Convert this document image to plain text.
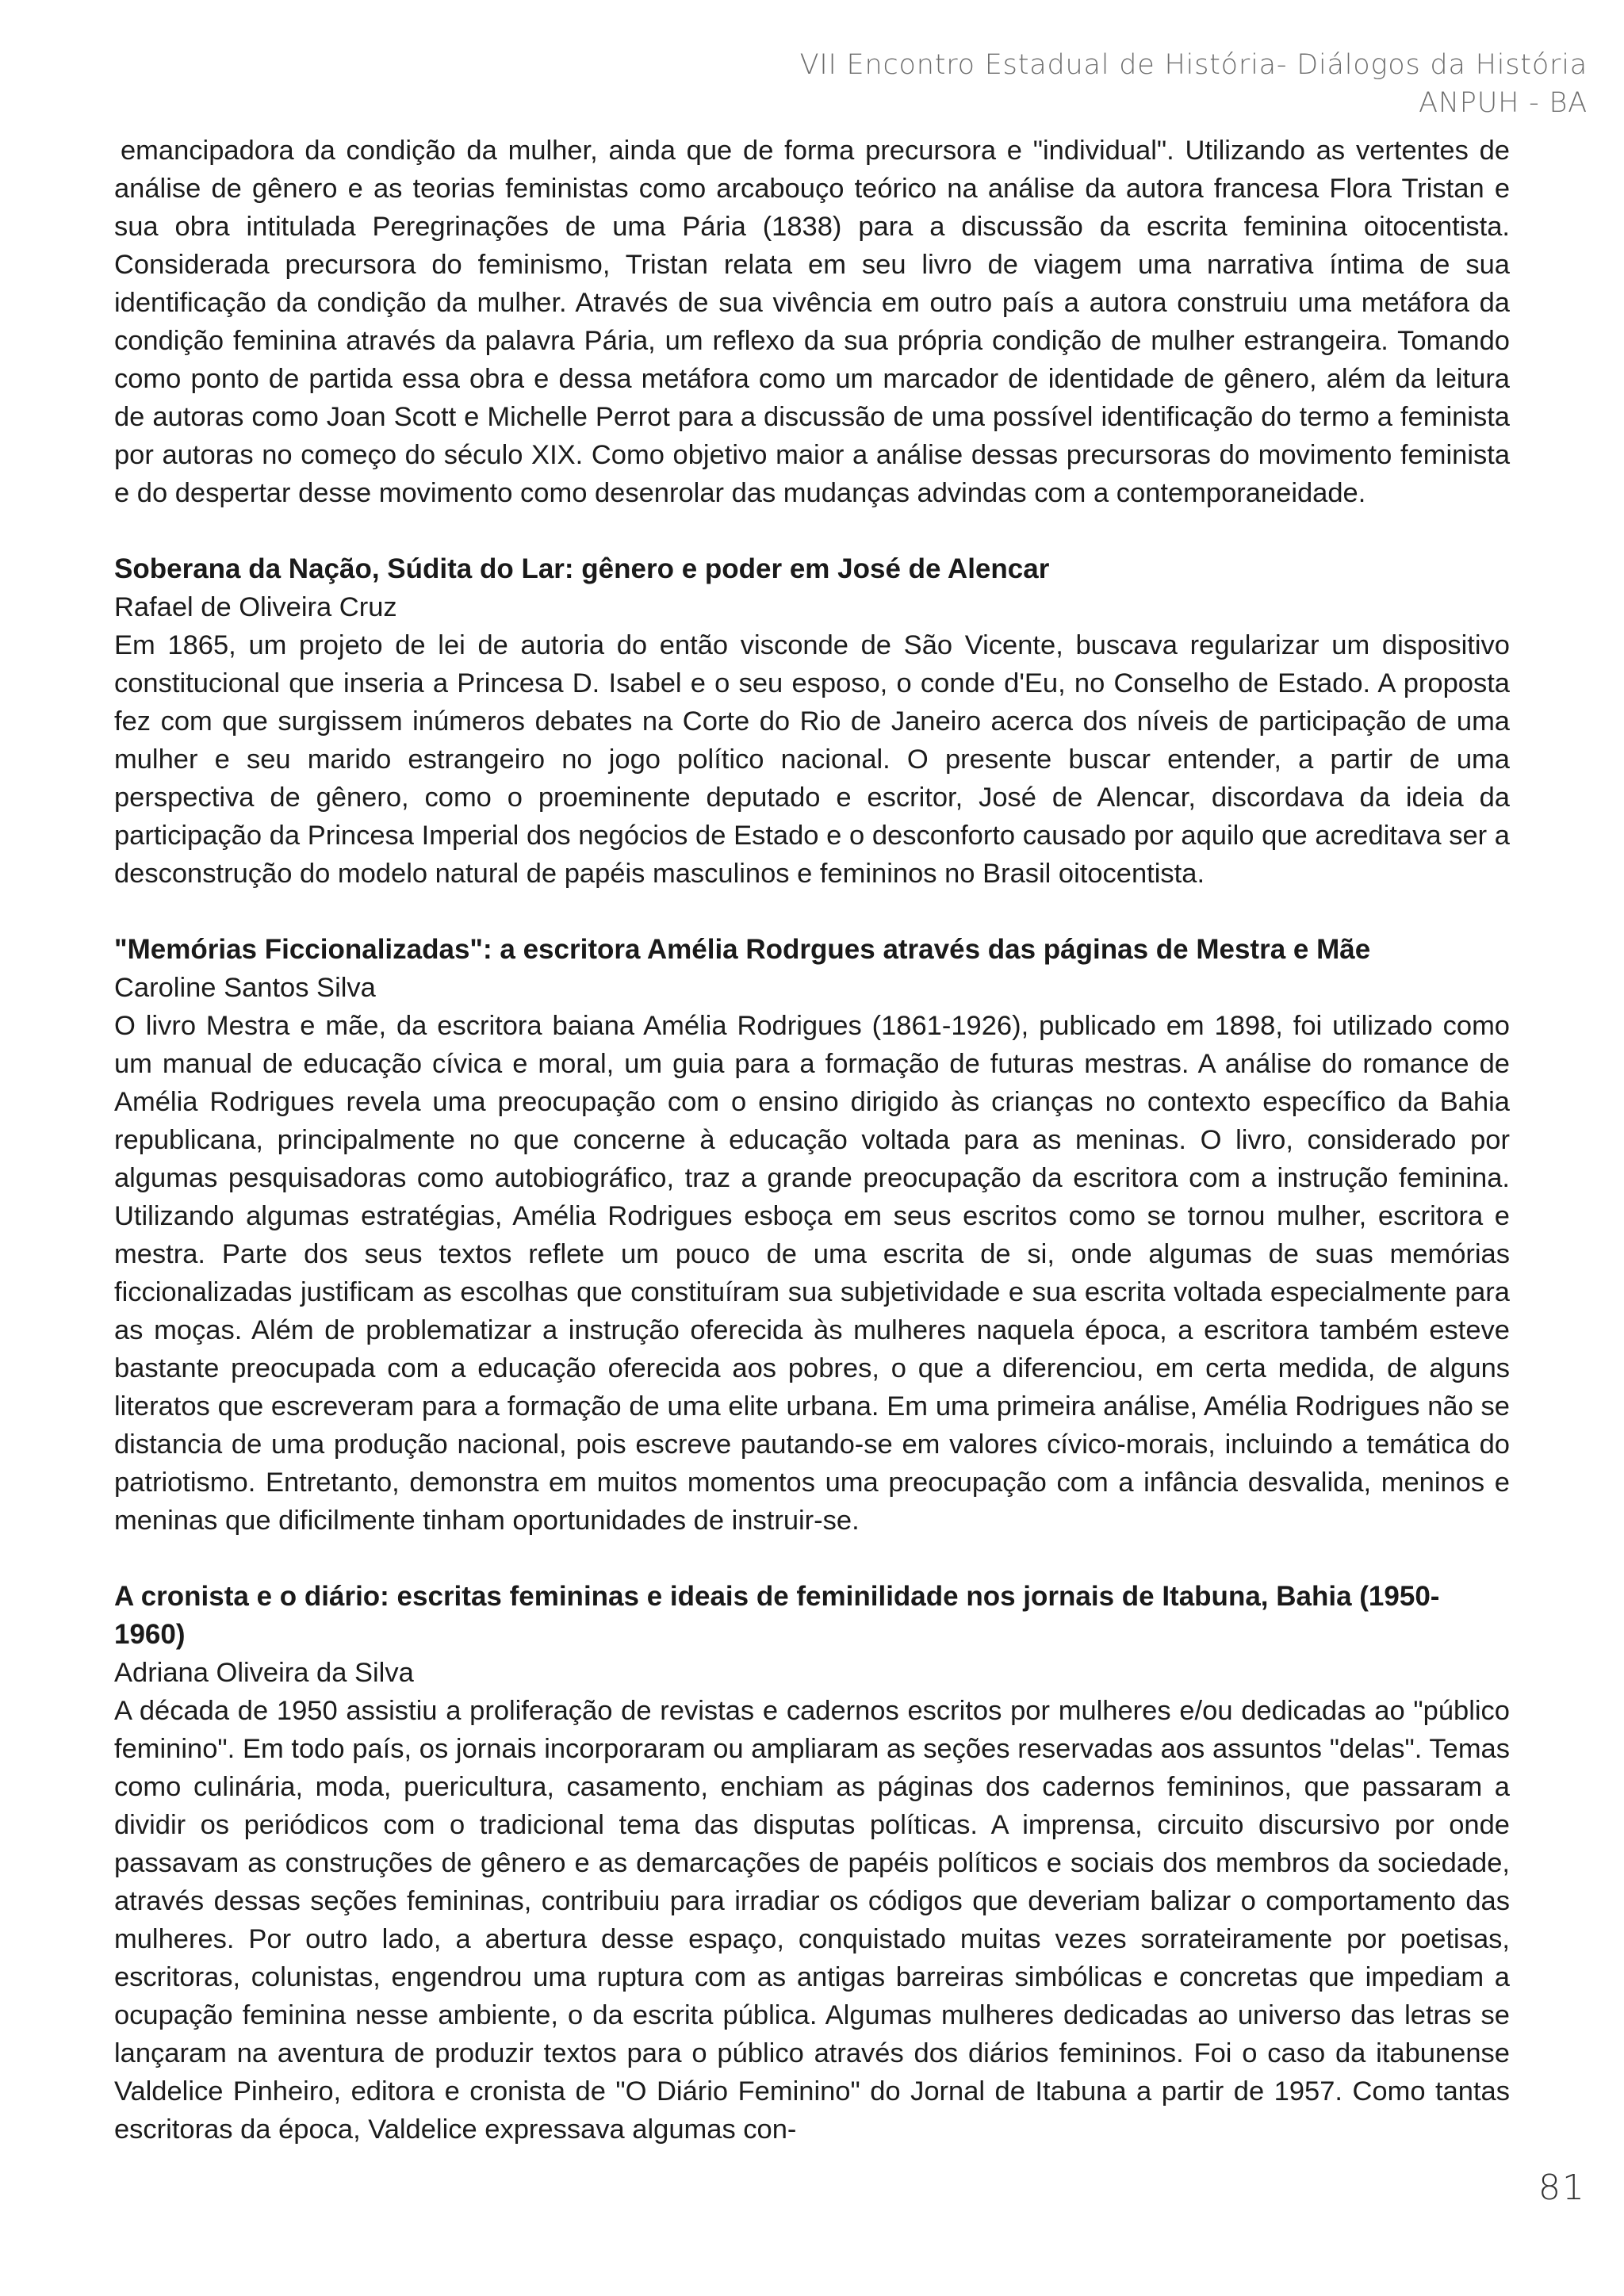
VII Encontro Estadual de História- Diálogos da História
ANPUH - BA

emancipadora da condição da mulher, ainda que de forma precursora e "individual". Utilizando as vertentes de análise de gênero e as teorias feministas como arcabouço teórico na análise da autora francesa Flora Tristan e sua obra intitulada Peregrinações de uma Pária (1838) para a discussão da escrita feminina oitocentista. Considerada precursora do feminismo, Tristan relata em seu livro de viagem uma narrativa íntima de sua identificação da condição da mulher. Através de sua vivência em outro país a autora construiu uma metáfora da condição feminina através da palavra Pária, um reflexo da sua própria condição de mulher estrangeira. Tomando como ponto de partida essa obra e dessa metáfora como um marcador de identidade de gênero, além da leitura de autoras como Joan Scott e Michelle Perrot para a discussão de uma possível identificação do termo a feminista por autoras no começo do século XIX. Como objetivo maior a análise dessas precursoras do movimento feminista e do despertar desse movimento como desenrolar das mudanças advindas com a contemporaneidade.

Soberana da Nação, Súdita do Lar: gênero e poder em José de Alencar

Rafael de Oliveira Cruz

Em 1865, um projeto de lei de autoria do então visconde de São Vicente, buscava regularizar um dispositivo constitucional que inseria a Princesa D. Isabel e o seu esposo, o conde d'Eu, no Conselho de Estado. A proposta fez com que surgissem inúmeros debates na Corte do Rio de Janeiro acerca dos níveis de participação de uma mulher e seu marido estrangeiro no jogo político nacional. O presente buscar entender, a partir de uma perspectiva de gênero, como o proeminente deputado e escritor, José de Alencar, discordava da ideia da participação da Princesa Imperial dos negócios de Estado e o desconforto causado por aquilo que acreditava ser a desconstrução do modelo natural de papéis masculinos e femininos no Brasil oitocentista.

"Memórias Ficcionalizadas": a escritora Amélia Rodrgues através das páginas de Mestra e Mãe

Caroline Santos Silva

O livro Mestra e mãe, da escritora baiana Amélia Rodrigues (1861-1926), publicado em 1898, foi utilizado como um manual de educação cívica e moral, um guia para a formação de futuras mestras. A análise do romance de Amélia Rodrigues revela uma preocupação com o ensino dirigido às crianças no contexto específico da Bahia republicana, principalmente no que concerne à educação voltada para as meninas. O livro, considerado por algumas pesquisadoras como autobiográfico, traz a grande preocupação da escritora com a instrução feminina. Utilizando algumas estratégias, Amélia Rodrigues esboça em seus escritos como se tornou mulher, escritora e mestra. Parte dos seus textos reflete um pouco de uma escrita de si, onde algumas de suas memórias ficcionalizadas justificam as escolhas que constituíram sua subjetividade e sua escrita voltada especialmente para as moças. Além de problematizar a instrução oferecida às mulheres naquela época, a escritora também esteve bastante preocupada com a educação oferecida aos pobres, o que a diferenciou, em certa medida, de alguns literatos que escreveram para a formação de uma elite urbana. Em uma primeira análise, Amélia Rodrigues não se distancia de uma produção nacional, pois escreve pautando-se em valores cívico-morais, incluindo a temática do patriotismo. Entretanto, demonstra em muitos momentos uma preocupação com a infância desvalida, meninos e meninas que dificilmente tinham oportunidades de instruir-se.

A cronista e o diário: escritas femininas e ideais de feminilidade nos jornais de Itabuna, Bahia (1950-1960)

Adriana Oliveira da Silva

A década de 1950 assistiu a proliferação de revistas e cadernos escritos por mulheres e/ou dedicadas ao "público feminino". Em todo país, os jornais incorporaram ou ampliaram as seções reservadas aos assuntos "delas". Temas como culinária, moda, puericultura, casamento, enchiam as páginas dos cadernos femininos, que passaram a dividir os periódicos com o tradicional tema das disputas políticas. A imprensa, circuito discursivo por onde passavam as construções de gênero e as demarcações de papéis políticos e sociais dos membros da sociedade, através dessas seções femininas, contribuiu para irradiar os códigos que deveriam balizar o comportamento das mulheres. Por outro lado, a abertura desse espaço, conquistado muitas vezes sorrateiramente por poetisas, escritoras, colunistas, engendrou uma ruptura com as antigas barreiras simbólicas e concretas que impediam a ocupação feminina nesse ambiente, o da escrita pública. Algumas mulheres dedicadas ao universo das letras se lançaram na aventura de produzir textos para o público através dos diários femininos. Foi o caso da itabunense Valdelice Pinheiro, editora e cronista de "O Diário Feminino" do Jornal de Itabuna a partir de 1957. Como tantas escritoras da época, Valdelice expressava algumas con-

81
